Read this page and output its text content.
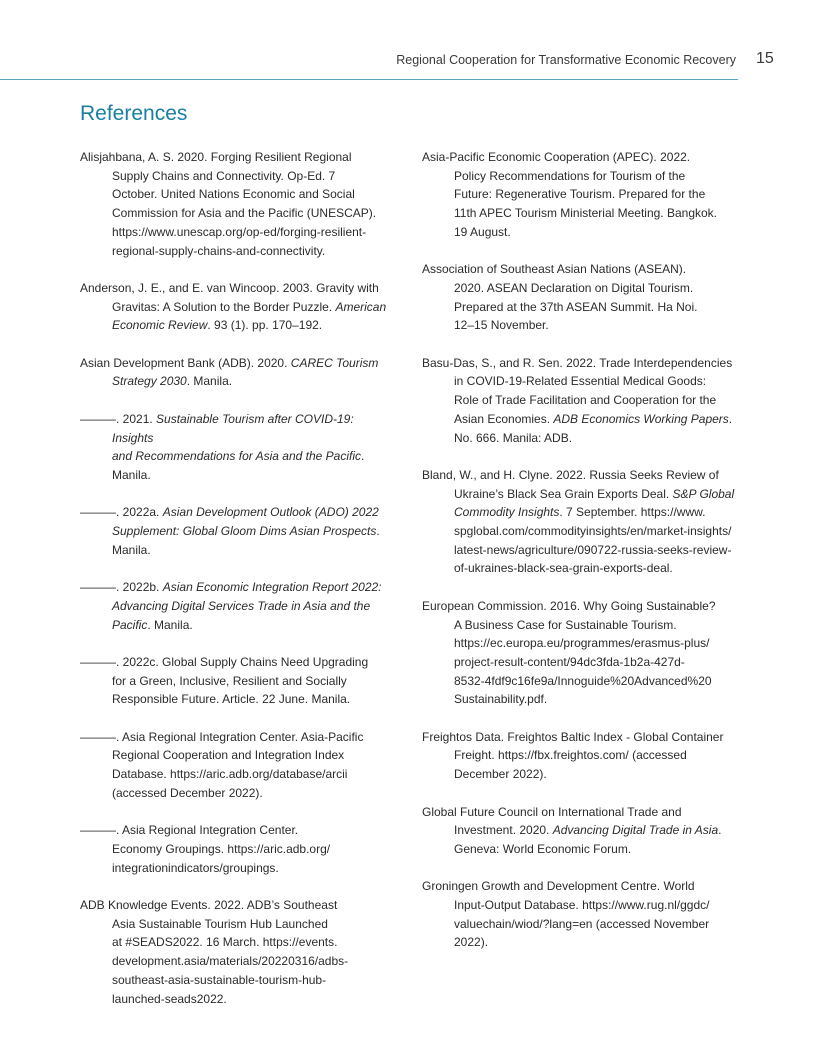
Regional Cooperation for Transformative Economic Recovery 15
References

Alisjahbana, A. S. 2020. Forging Resilient Regional
Supply Chains and Connectivity. Op-Ed. 7
October. United Nations Economic and Social
Commission for Asia and the Pacific (UNESCAP).
https://www.unescap.org/op-ed/forging-resilient-
regional-supply-chains-and-connectivity.

Anderson, J. E., and E. van Wincoop. 2003. Gravity with
Gravitas: A Solution to the Border Puzzle. American
Economic Review. 93 (1). pp. 170–192.

Asian Development Bank (ADB). 2020. CAREC Tourism
Strategy 2030. Manila.

———. 2021. Sustainable Tourism after COVID-19: Insights
and Recommendations for Asia and the Pacific.
Manila.

———. 2022a. Asian Development Outlook (ADO) 2022
Supplement: Global Gloom Dims Asian Prospects.
Manila.

———. 2022b. Asian Economic Integration Report 2022:
Advancing Digital Services Trade in Asia and the
Pacific. Manila.

———. 2022c. Global Supply Chains Need Upgrading
for a Green, Inclusive, Resilient and Socially
Responsible Future. Article. 22 June. Manila.

———. Asia Regional Integration Center. Asia-Pacific
Regional Cooperation and Integration Index
Database. https://aric.adb.org/database/arcii
(accessed December 2022).

———. Asia Regional Integration Center.
Economy Groupings. https://aric.adb.org/
integrationindicators/groupings.

ADB Knowledge Events. 2022. ADB’s Southeast
Asia Sustainable Tourism Hub Launched
at #SEADS2022. 16 March. https://events.
development.asia/materials/20220316/adbs-
southeast-asia-sustainable-tourism-hub-
launched-seads2022.

Asia-Pacific Economic Cooperation (APEC). 2022.
Policy Recommendations for Tourism of the
Future: Regenerative Tourism. Prepared for the
11th APEC Tourism Ministerial Meeting. Bangkok.
19 August.

Association of Southeast Asian Nations (ASEAN).
2020. ASEAN Declaration on Digital Tourism.
Prepared at the 37th ASEAN Summit. Ha Noi.
12–15 November.

Basu-Das, S., and R. Sen. 2022. Trade Interdependencies
in COVID-19-Related Essential Medical Goods:
Role of Trade Facilitation and Cooperation for the
Asian Economies. ADB Economics Working Papers.
No. 666. Manila: ADB.

Bland, W., and H. Clyne. 2022. Russia Seeks Review of
Ukraine’s Black Sea Grain Exports Deal. S&P Global
Commodity Insights. 7 September. https://www.
spglobal.com/commodityinsights/en/market-insights/
latest-news/agriculture/090722-russia-seeks-review-
of-ukraines-black-sea-grain-exports-deal.

European Commission. 2016. Why Going Sustainable?
A Business Case for Sustainable Tourism.
https://ec.europa.eu/programmes/erasmus-plus/
project-result-content/94dc3fda-1b2a-427d-
8532-4fdf9c16fe9a/Innoguide%20Advanced%20
Sustainability.pdf.

Freightos Data. Freightos Baltic Index - Global Container
Freight. https://fbx.freightos.com/ (accessed
December 2022).

Global Future Council on International Trade and
Investment. 2020. Advancing Digital Trade in Asia.
Geneva: World Economic Forum.

Groningen Growth and Development Centre. World
Input-Output Database. https://www.rug.nl/ggdc/
valuechain/wiod/?lang=en (accessed November
2022).
